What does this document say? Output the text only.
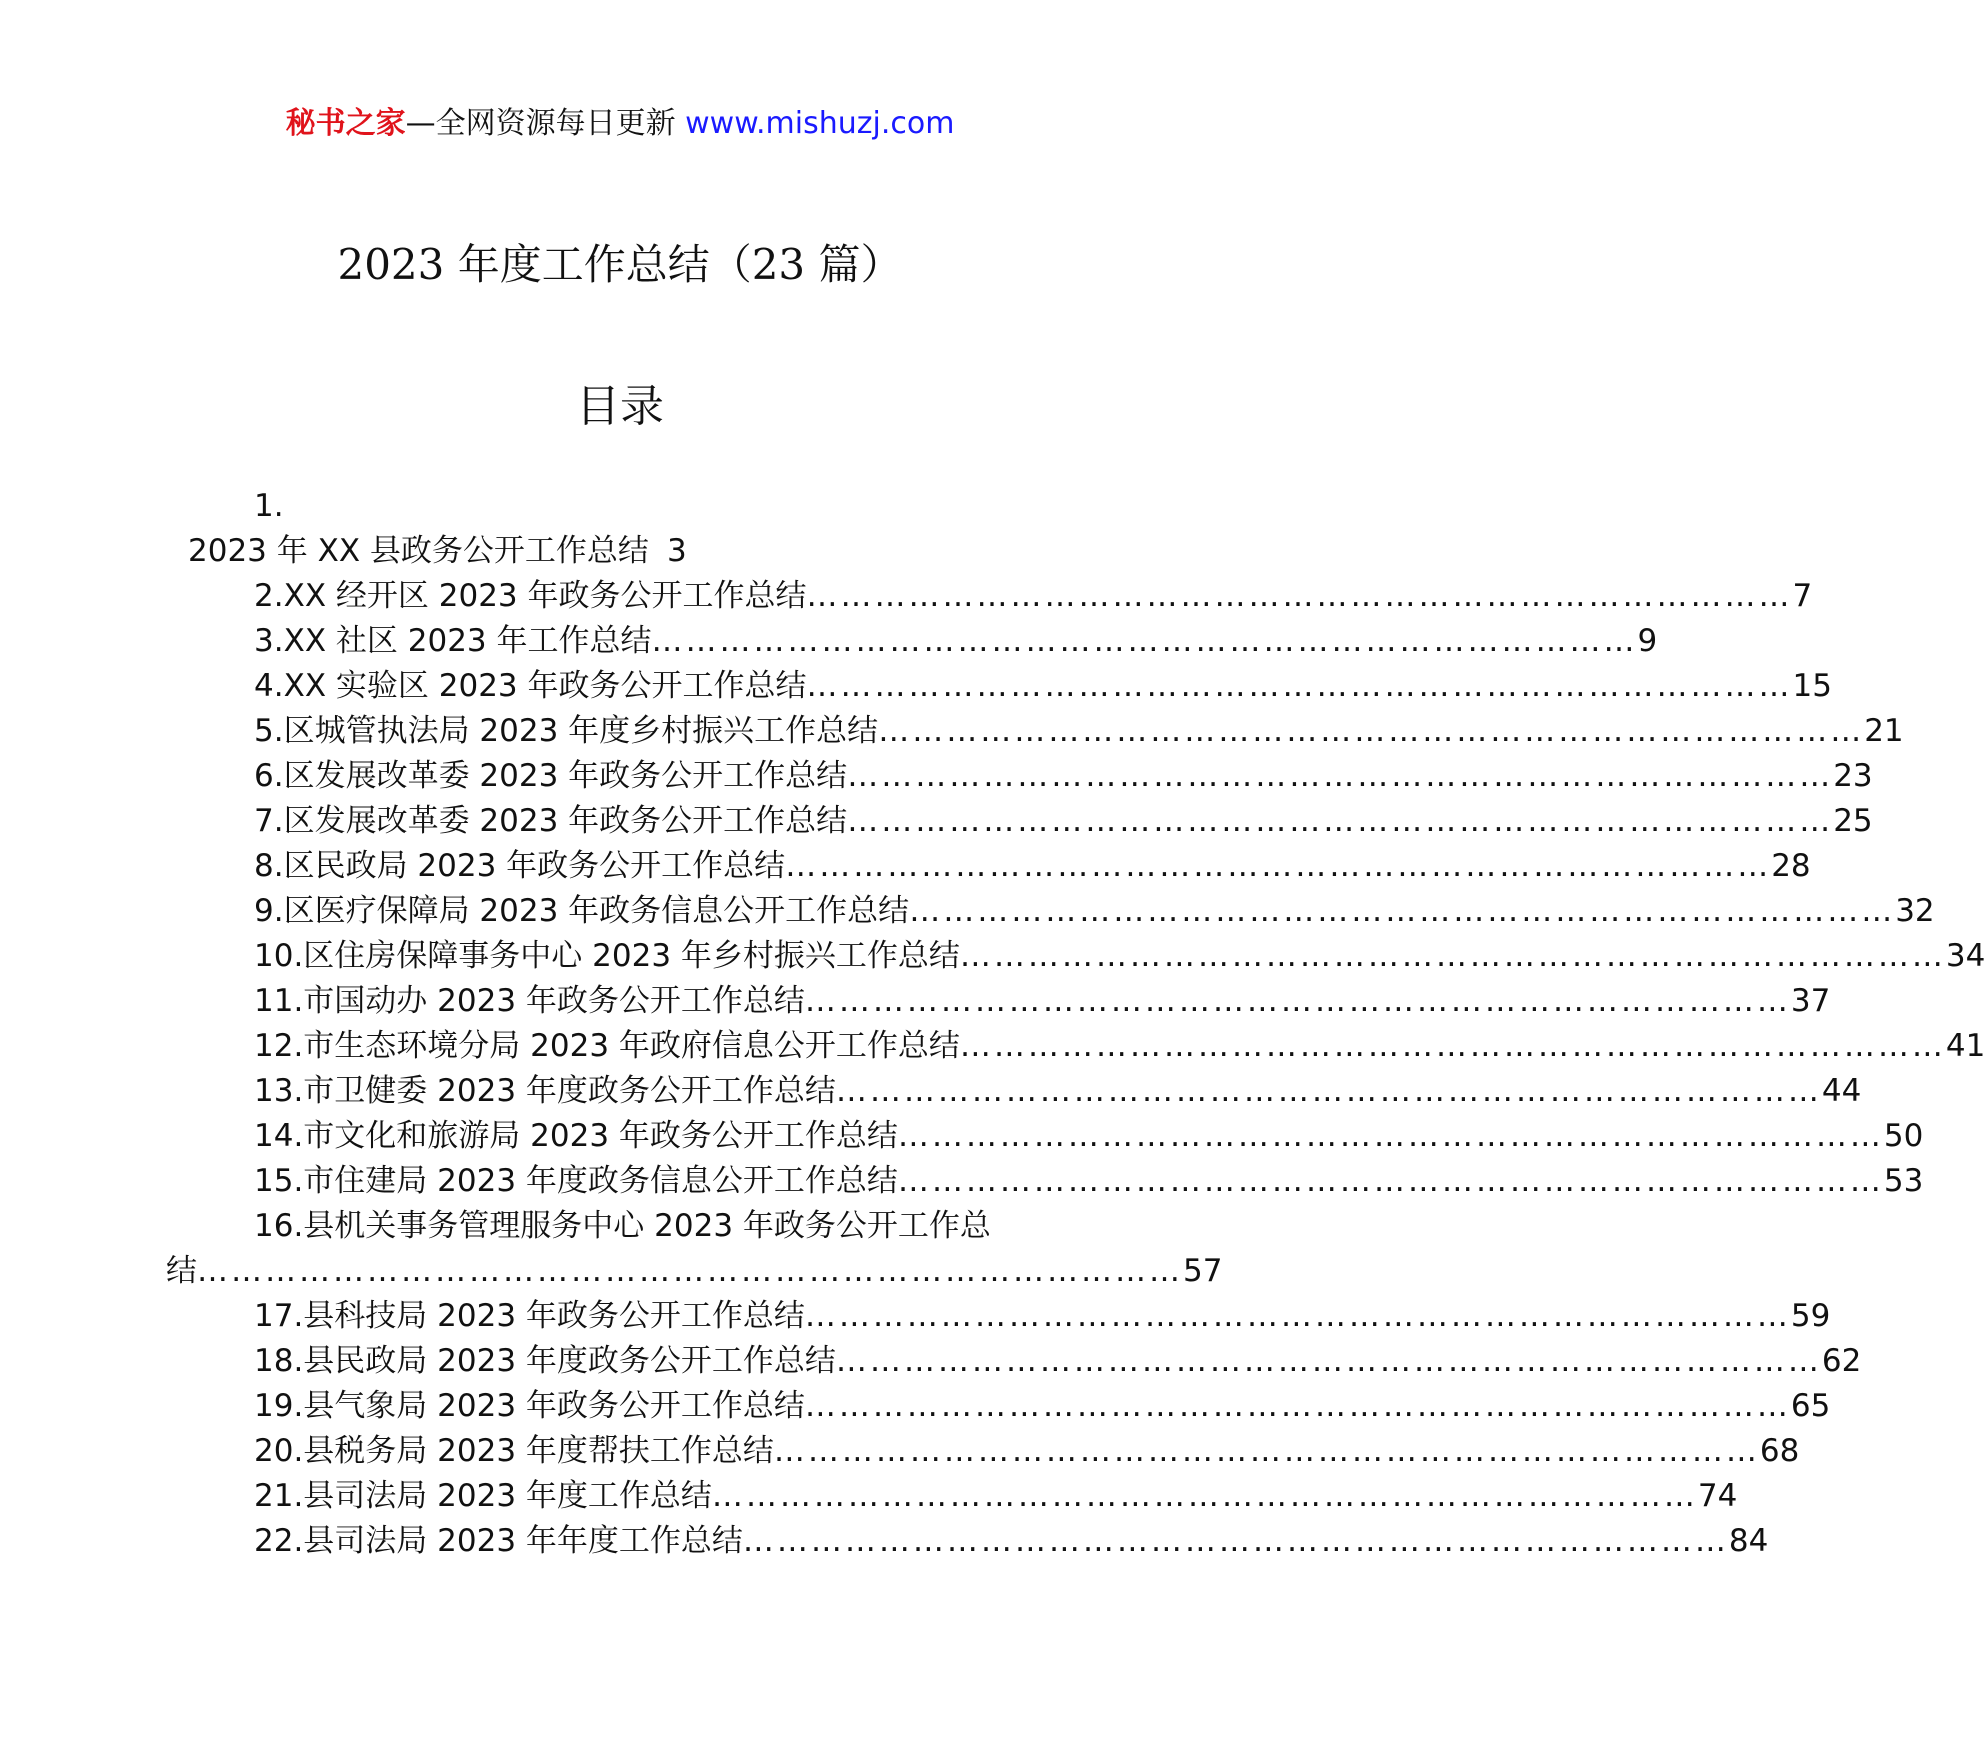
秘书之家—全网资源每日更新 www.mishuzj.com
2023 年度工作总结（23 篇）
目录
1.
2023 年 XX 县政务公开工作总结 3
2.XX 经开区 2023 年政务公开工作总结 …………………………………………………………………………… 7
3.XX 社区 2023 年工作总结 …………………………………………………………………………… 9
4.XX 实验区 2023 年政务公开工作总结 …………………………………………………………………………… 15
5.区城管执法局 2023 年度乡村振兴工作总结 …………………………………………………………………………… 21
6.区发展改革委 2023 年政务公开工作总结 …………………………………………………………………………… 23
7.区发展改革委 2023 年政务公开工作总结 …………………………………………………………………………… 25
8.区民政局 2023 年政务公开工作总结 …………………………………………………………………………… 28
9.区医疗保障局 2023 年政务信息公开工作总结 …………………………………………………………………………… 32
10.区住房保障事务中心 2023 年乡村振兴工作总结 …………………………………………………………………………… 34
11.市国动办 2023 年政务公开工作总结 …………………………………………………………………………… 37
12.市生态环境分局 2023 年政府信息公开工作总结 …………………………………………………………………………… 41
13.市卫健委 2023 年度政务公开工作总结 …………………………………………………………………………… 44
14.市文化和旅游局 2023 年政务公开工作总结 …………………………………………………………………………… 50
15.市住建局 2023 年度政务信息公开工作总结 …………………………………………………………………………… 53
16.县机关事务管理服务中心 2023 年政务公开工作总
结 …………………………………………………………………………… 57
17.县科技局 2023 年政务公开工作总结 …………………………………………………………………………… 59
18.县民政局 2023 年度政务公开工作总结 …………………………………………………………………………… 62
19.县气象局 2023 年政务公开工作总结 …………………………………………………………………………… 65
20.县税务局 2023 年度帮扶工作总结 …………………………………………………………………………… 68
21.县司法局 2023 年度工作总结 …………………………………………………………………………… 74
22.县司法局 2023 年年度工作总结 …………………………………………………………………………… 84
